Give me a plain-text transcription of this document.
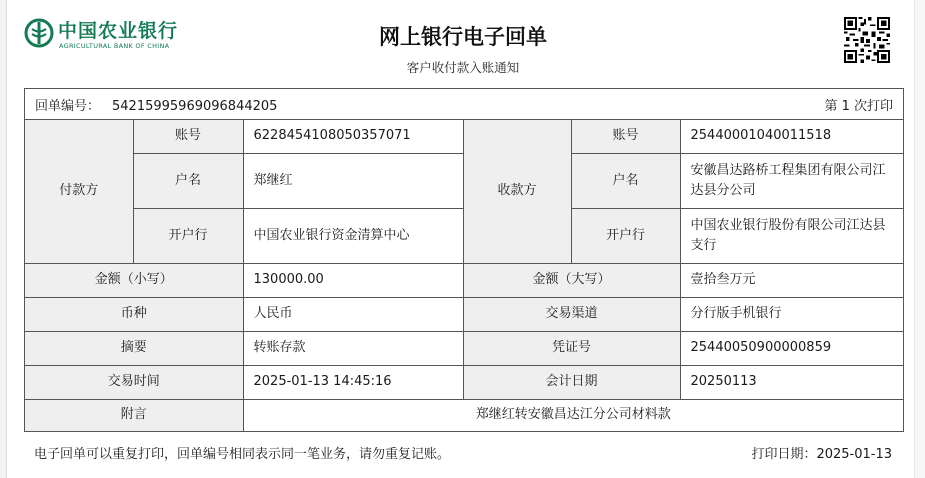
中国农业银行
AGRICULTURAL BANK OF CHINA	网上银行电子回单
客户收付款入账通知
回单编号： 54215995969096844205	第 1 次打印
付款方	账号	6228454108050357071	收款方	账号	25440001040011518
	户名	郑继红		户名	安徽昌达路桥工程集团有限公司江达县分公司
	开户行	中国农业银行资金清算中心		开户行	中国农业银行股份有限公司江达县支行
金额（小写）		130000.00	金额（大写）		壹拾叁万元
币种		人民币	交易渠道		分行版手机银行
摘要		转账存款	凭证号		25440050900000859
交易时间		2025-01-13 14:45:16	会计日期		20250113
附言		郑继红转安徽昌达江分公司材料款			
电子回单可以重复打印，回单编号相同表示同一笔业务，请勿重复记账。	打印日期：2025-01-13
